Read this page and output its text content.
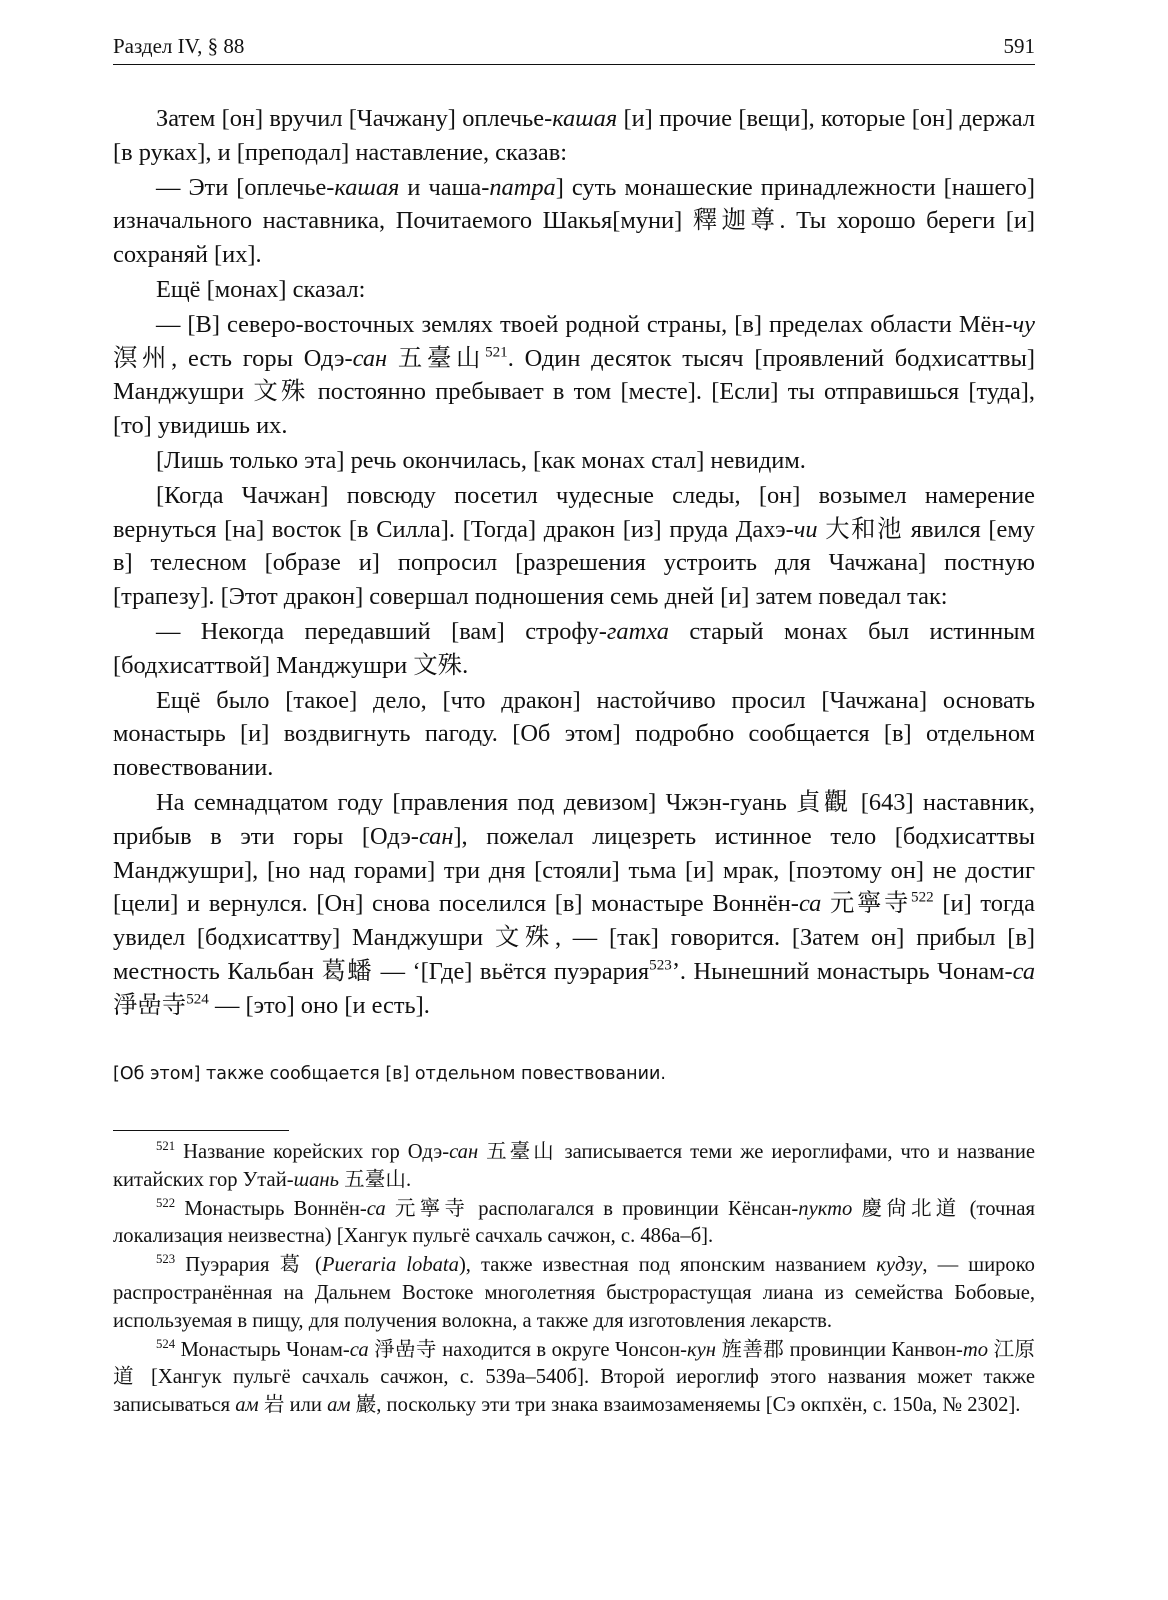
Раздел IV, § 88	591

Затем [он] вручил [Чачжану] оплечье-кашая [и] прочие [вещи], которые [он] держал [в руках], и [преподал] наставление, сказав:

— Эти [оплечье-кашая и чаша-патра] суть монашеские принадлежности [нашего] изначального наставника, Почитаемого Шакья[муни] 釋迦尊. Ты хорошо береги [и] сохраняй [их].

Ещё [монах] сказал:

— [В] северо-восточных землях твоей родной страны, [в] пределах области Мён-чу 溟州, есть горы Одэ-сан 五臺山$^{521}$. Один десяток тысяч [проявлений бодхисаттвы] Манджушри 文殊 постоянно пребывает в том [месте]. [Если] ты отправишься [туда], [то] увидишь их.

[Лишь только эта] речь окончилась, [как монах стал] невидим.

[Когда Чачжан] повсюду посетил чудесные следы, [он] возымел намерение вернуться [на] восток [в Силла]. [Тогда] дракон [из] пруда Дахэ-чи 大和池 явился [ему в] телесном [образе и] попросил [разрешения устроить для Чачжана] постную [трапезу]. [Этот дракон] совершал подношения семь дней [и] затем поведал так:

— Некогда передавший [вам] строфу-гатха старый монах был истинным [бодхисаттвой] Манджушри 文殊.

Ещё было [такое] дело, [что дракон] настойчиво просил [Чачжана] основать монастырь [и] воздвигнуть пагоду. [Об этом] подробно сообщается [в] отдельном повествовании.

На семнадцатом году [правления под девизом] Чжэн-гуань 貞觀 [643] наставник, прибыв в эти горы [Одэ-сан], пожелал лицезреть истинное тело [бодхисаттвы Манджушри], [но над горами] три дня [стояли] тьма [и] мрак, [поэтому он] не достиг [цели] и вернулся. [Он] снова поселился [в] монастыре Воннён-са 元寧寺$^{522}$ [и] тогда увидел [бодхисаттву] Манджушри 文殊, — [так] говорится. [Затем он] прибыл [в] местность Кальбан 葛蟠 — ‘[Где] вьётся пуэрария$^{523}$’. Нынешний монастырь Чонам-са 淨嵒寺$^{524}$ — [это] оно [и есть].

[Об этом] также сообщается [в] отдельном повествовании.

$^{521}$ Название корейских гор Одэ-сан 五臺山 записывается теми же иероглифами, что и название китайских гор Утай-шань 五臺山.

$^{522}$ Монастырь Воннён-са 元寧寺 располагался в провинции Кёнсан-пукто 慶尙北道 (точная локализация неизвестна) [Хангук пульгё сачхаль сачжон, с. 486а–б].

$^{523}$ Пуэрария 葛 (Pueraria lobata), также известная под японским названием кудзу, — широко распространённая на Дальнем Востоке многолетняя быстрорастущая лиана из семейства Бобовые, используемая в пищу, для получения волокна, а также для изготовления лекарств.

$^{524}$ Монастырь Чонам-са 淨嵒寺 находится в округе Чонсон-кун 旌善郡 провинции Канвон-то 江原道 [Хангук пульгё сачхаль сачжон, с. 539а–540б]. Второй иероглиф этого названия может также записываться ам 岩 или ам 巖, поскольку эти три знака взаимозаменяемы [Сэ окпхён, с. 150а, № 2302].
